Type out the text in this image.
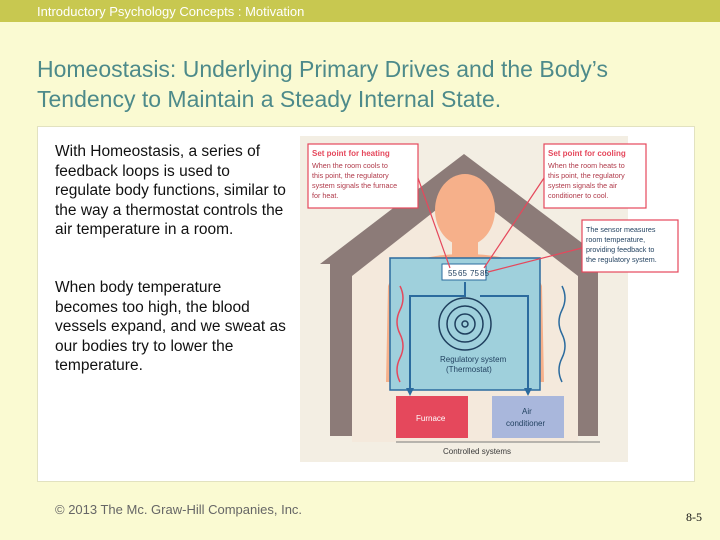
Introductory Psychology Concepts : Motivation
Homeostasis: Underlying Primary Drives and the Body’s Tendency to Maintain a Steady Internal State.
With Homeostasis, a series of feedback loops is used to regulate body functions, similar to the way a thermostat controls the air temperature in a room.
When body temperature becomes too high, the blood vessels expand, and we sweat as our bodies try to lower the temperature.
55 65 75 85
Regulatory system
(Thermostat)
Set point for heating
When the room cools to
this point, the regulatory
system signals the furnace
for heat.
Set point for cooling
When the room heats to
this point, the regulatory
system signals the air
conditioner to cool.
The sensor measures
room temperature,
providing feedback to
the regulatory system.
Furnace
Air
conditioner
Controlled systems
© 2013 The Mc. Graw-Hill Companies, Inc.	8-5
